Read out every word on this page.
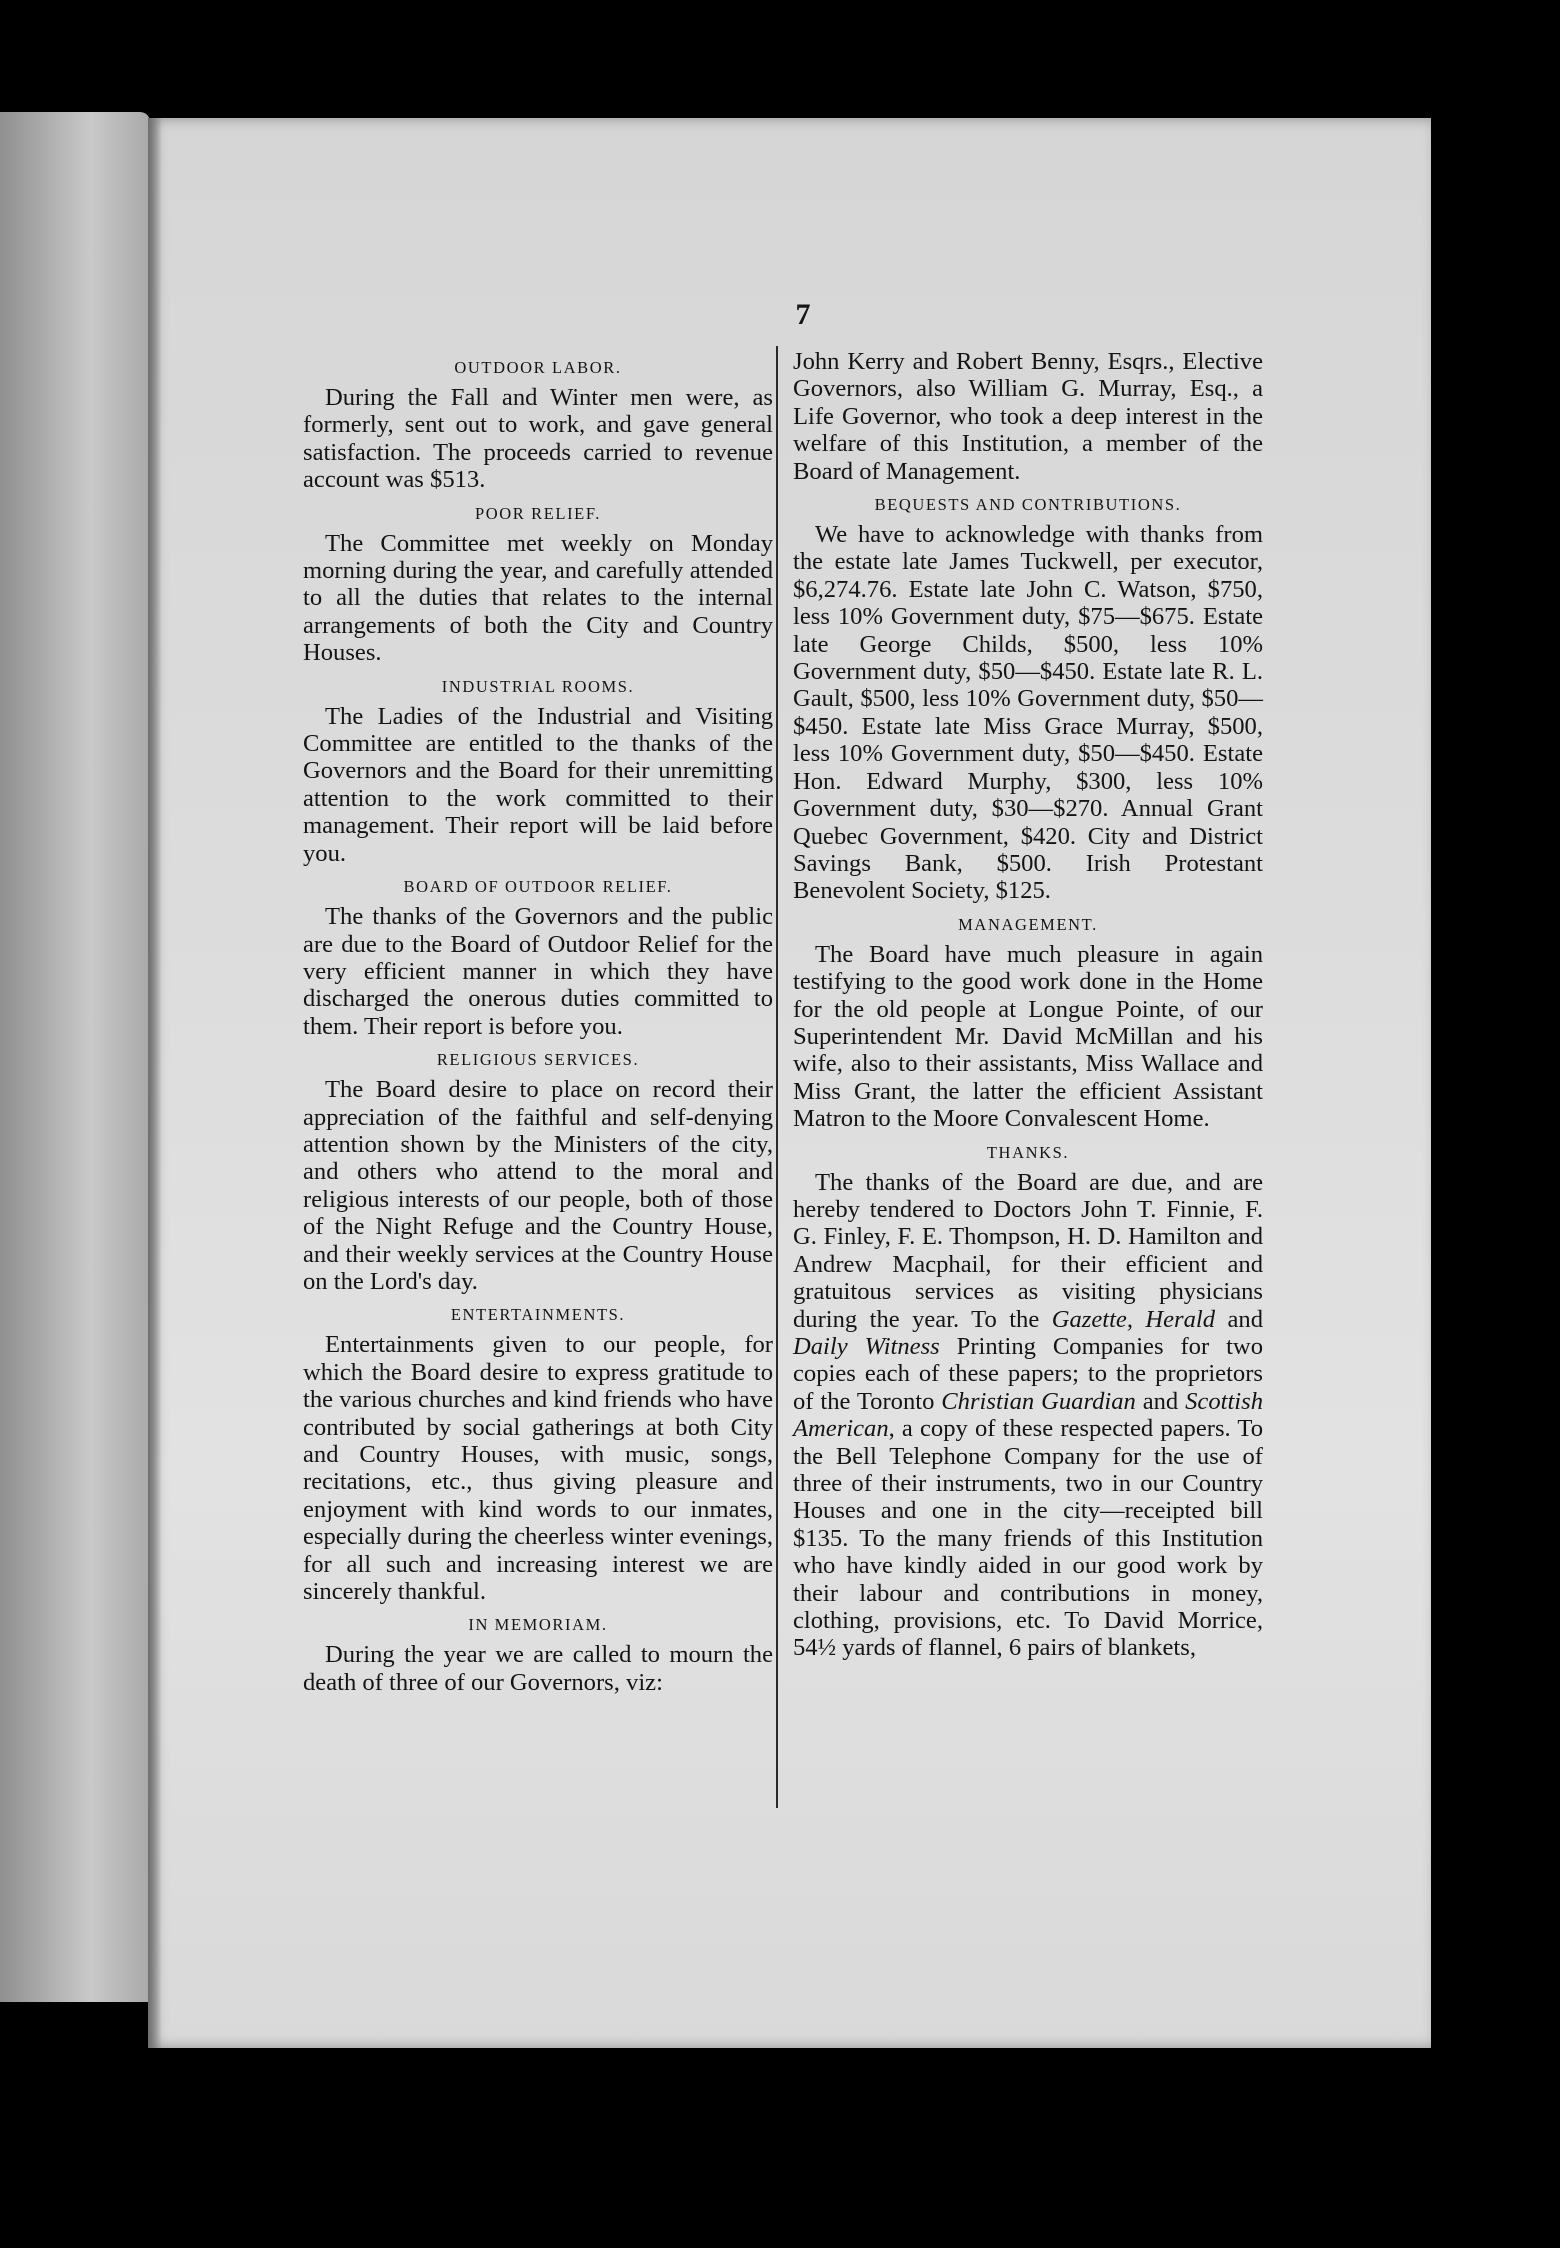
7
OUTDOOR LABOR.

During the Fall and Winter men were, as formerly, sent out to work, and gave general satisfaction. The proceeds carried to revenue account was $513.

POOR RELIEF.

The Committee met weekly on Monday morning during the year, and carefully attended to all the duties that relates to the internal arrangements of both the City and Country Houses.

INDUSTRIAL ROOMS.

The Ladies of the Industrial and Visiting Committee are entitled to the thanks of the Governors and the Board for their unremitting attention to the work committed to their management. Their report will be laid before you.

BOARD OF OUTDOOR RELIEF.

The thanks of the Governors and the public are due to the Board of Outdoor Relief for the very efficient manner in which they have discharged the onerous duties committed to them. Their report is before you.

RELIGIOUS SERVICES.

The Board desire to place on record their appreciation of the faithful and self-denying attention shown by the Ministers of the city, and others who attend to the moral and religious interests of our people, both of those of the Night Refuge and the Country House, and their weekly services at the Country House on the Lord's day.

ENTERTAINMENTS.

Entertainments given to our people, for which the Board desire to express gratitude to the various churches and kind friends who have contributed by social gatherings at both City and Country Houses, with music, songs, recitations, etc., thus giving pleasure and enjoyment with kind words to our inmates, especially during the cheerless winter evenings, for all such and increasing interest we are sincerely thankful.

IN MEMORIAM.

During the year we are called to mourn the death of three of our Governors, viz:

John Kerry and Robert Benny, Esqrs., Elective Governors, also William G. Murray, Esq., a Life Governor, who took a deep interest in the welfare of this Institution, a member of the Board of Management.

BEQUESTS AND CONTRIBUTIONS.

We have to acknowledge with thanks from the estate late James Tuckwell, per executor, $6,274.76. Estate late John C. Watson, $750, less 10% Government duty, $75—$675. Estate late George Childs, $500, less 10% Government duty, $50—$450. Estate late R. L. Gault, $500, less 10% Government duty, $50—$450. Estate late Miss Grace Murray, $500, less 10% Government duty, $50—$450. Estate Hon. Edward Murphy, $300, less 10% Government duty, $30—$270. Annual Grant Quebec Government, $420. City and District Savings Bank, $500. Irish Protestant Benevolent Society, $125.

MANAGEMENT.

The Board have much pleasure in again testifying to the good work done in the Home for the old people at Longue Pointe, of our Superintendent Mr. David McMillan and his wife, also to their assistants, Miss Wallace and Miss Grant, the latter the efficient Assistant Matron to the Moore Convalescent Home.

THANKS.

The thanks of the Board are due, and are hereby tendered to Doctors John T. Finnie, F. G. Finley, F. E. Thompson, H. D. Hamilton and Andrew Macphail, for their efficient and gratuitous services as visiting physicians during the year. To the Gazette, Herald and Daily Witness Printing Companies for two copies each of these papers; to the proprietors of the Toronto Christian Guardian and Scottish American, a copy of these respected papers. To the Bell Telephone Company for the use of three of their instruments, two in our Country Houses and one in the city—receipted bill $135. To the many friends of this Institution who have kindly aided in our good work by their labour and contributions in money, clothing, provisions, etc. To David Morrice, 54½ yards of flannel, 6 pairs of blankets,
